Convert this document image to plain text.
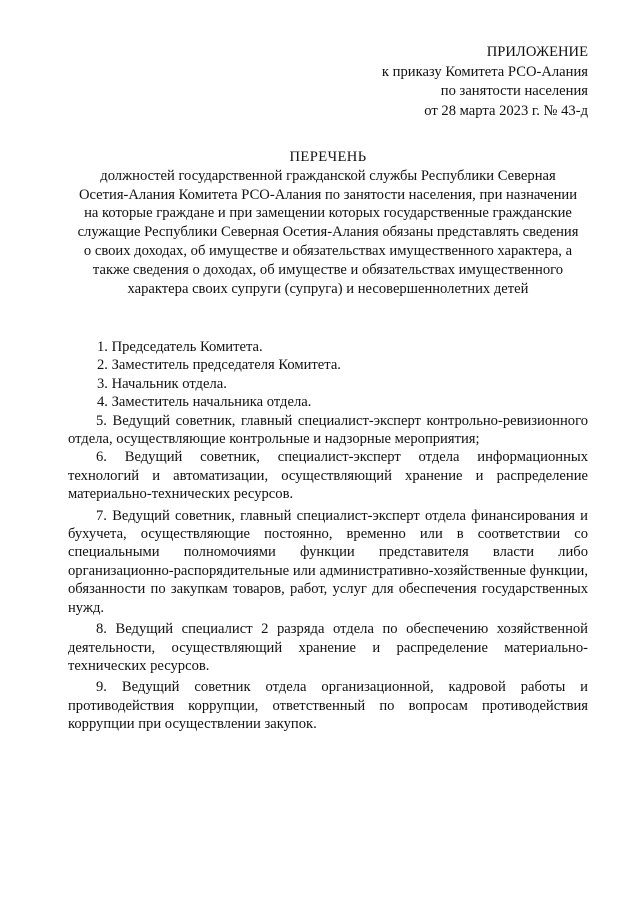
ПРИЛОЖЕНИЕ
к приказу Комитета РСО-Алания
по занятости населения
от 28 марта 2023 г. № 43-д
ПЕРЕЧЕНЬ
должностей государственной гражданской службы Республики Северная
Осетия-Алания Комитета РСО-Алания по занятости населения, при назначении
на которые граждане и при замещении которых государственные гражданские
служащие Республики Северная Осетия-Алания обязаны представлять сведения
о своих доходах, об имуществе и обязательствах имущественного характера, а
также сведения о доходах, об имуществе и обязательствах имущественного
характера своих супруги (супруга) и несовершеннолетних детей

1. Председатель Комитета.

2. Заместитель председателя Комитета.

3. Начальник отдела.

4. Заместитель начальника отдела.

5. Ведущий советник, главный специалист-эксперт контрольно-ревизионного отдела, осуществляющие контрольные и надзорные мероприятия;

6. Ведущий советник, специалист-эксперт отдела информационных технологий и автоматизации, осуществляющий хранение и распределение материально-технических ресурсов.

7. Ведущий советник, главный специалист-эксперт отдела финансирования и бухучета, осуществляющие постоянно, временно или в соответствии со специальными полномочиями функции представителя власти либо организационно-распорядительные или административно-хозяйственные функции, обязанности по закупкам товаров, работ, услуг для обеспечения государственных нужд.

8. Ведущий специалист 2 разряда отдела по обеспечению хозяйственной деятельности, осуществляющий хранение и распределение материально-технических ресурсов.

9. Ведущий советник отдела организационной, кадровой работы и противодействия коррупции, ответственный по вопросам противодействия коррупции при осуществлении закупок.
